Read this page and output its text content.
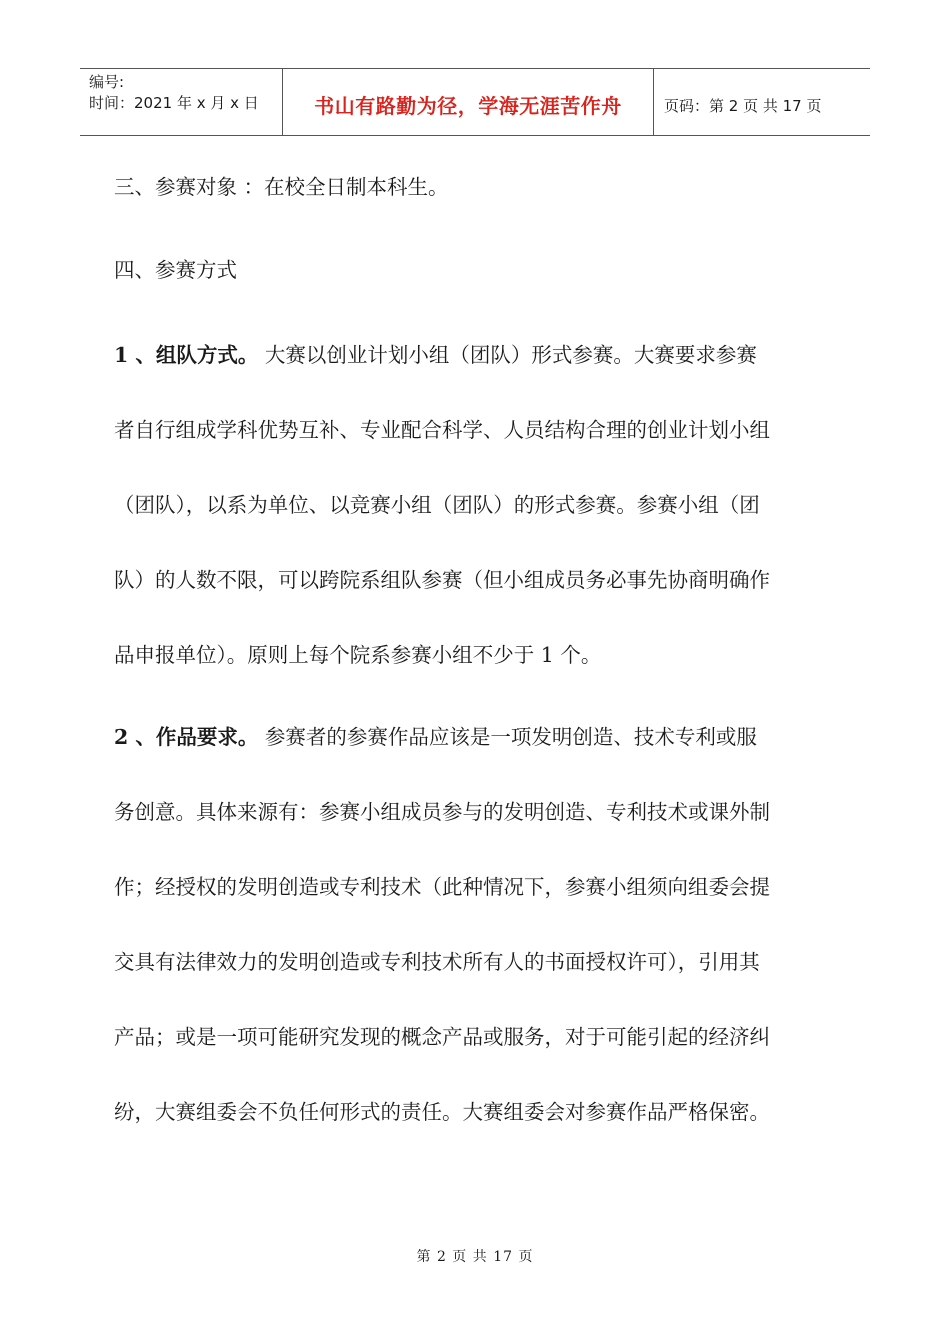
编号:
时间：2021 年 x 月 x 日	书山有路勤为径，学海无涯苦作舟	页码：第 2 页 共 17 页

三、参赛对象 ：在校全日制本科生。

四、参赛方式

1 、组队方式。 大赛以创业计划小组（团队）形式参赛。大赛要求参赛
者自行组成学科优势互补、专业配合科学、人员结构合理的创业计划小组
（团队），以系为单位、以竞赛小组（团队）的形式参赛。参赛小组（团
队）的人数不限，可以跨院系组队参赛（但小组成员务必事先协商明确作
品申报单位）。原则上每个院系参赛小组不少于 1 个。
2 、作品要求。 参赛者的参赛作品应该是一项发明创造、技术专利或服
务创意。具体来源有：参赛小组成员参与的发明创造、专利技术或课外制
作；经授权的发明创造或专利技术（此种情况下，参赛小组须向组委会提
交具有法律效力的发明创造或专利技术所有人的书面授权许可），引用其
产品；或是一项可能研究发现的概念产品或服务，对于可能引起的经济纠
纷，大赛组委会不负任何形式的责任。大赛组委会对参赛作品严格保密。
第 2 页 共 17 页
